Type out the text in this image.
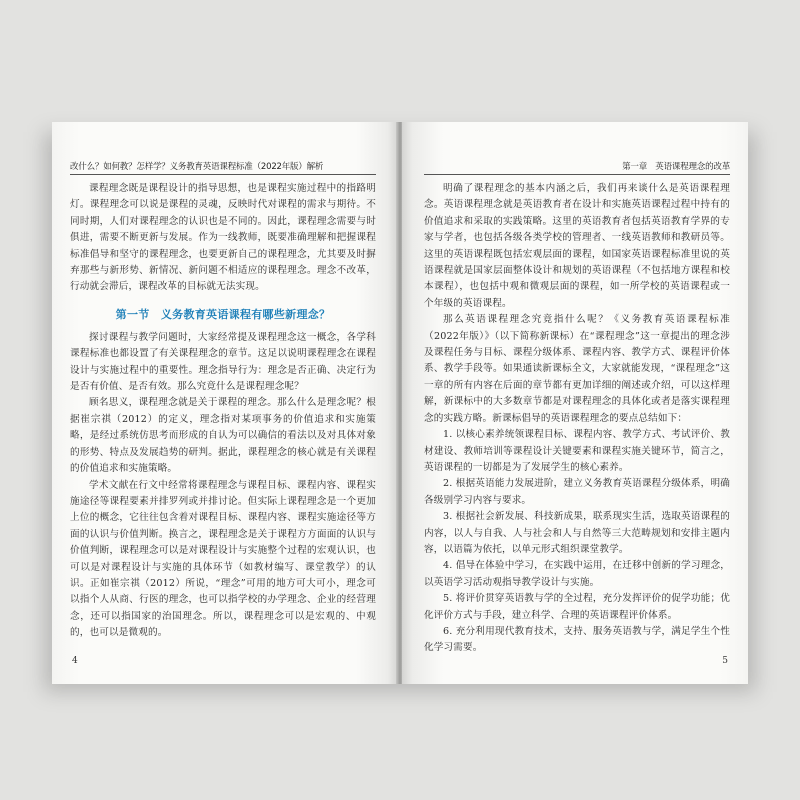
改什么？如何教？怎样学？义务教育英语课程标准（2022年版）解析

课程理念既是课程设计的指导思想，也是课程实施过程中的指路明灯。课程理念可以说是课程的灵魂，反映时代对课程的需求与期待。不同时期，人们对课程理念的认识也是不同的。因此，课程理念需要与时俱进，需要不断更新与发展。作为一线教师，既要准确理解和把握课程标准倡导和坚守的课程理念，也要更新自己的课程理念，尤其要及时摒弃那些与新形势、新情况、新问题不相适应的课程理念。理念不改革，行动就会滞后，课程改革的目标就无法实现。

第一节　义务教育英语课程有哪些新理念？

探讨课程与教学问题时，大家经常提及课程理念这一概念，各学科课程标准也都设置了有关课程理念的章节。这足以说明课程理念在课程设计与实施过程中的重要性。理念指导行为：理念是否正确、决定行为是否有价值、是否有效。那么究竟什么是课程理念呢？

顾名思义，课程理念就是关于课程的理念。那么什么是理念呢？根据崔宗祺（2012）的定义，理念指对某项事务的价值追求和实施策略，是经过系统仿思考而形成的自认为可以确信的看法以及对具体对象的形势、特点及发展趋势的研判。据此，课程理念的核心就是有关课程的价值追求和实施策略。

学术文献在行文中经常将课程理念与课程目标、课程内容、课程实施途径等课程要素并排罗列或并排讨论。但实际上课程理念是一个更加上位的概念，它往往包含着对课程目标、课程内容、课程实施途径等方面的认识与价值判断。换言之，课程理念是关于课程方方面面的认识与价值判断，课程理念可以是对课程设计与实施整个过程的宏观认识，也可以是对课程设计与实施的具体环节（如教材编写、课堂教学）的认识。正如崔宗祺（2012）所说，“理念”可用的地方可大可小，理念可以指个人从商、行医的理念，也可以指学校的办学理念、企业的经营理念，还可以指国家的治国理念。所以，课程理念可以是宏观的、中观的，也可以是微观的。

4
第一章　英语课程理念的改革

明确了课程理念的基本内涵之后，我们再来谈什么是英语课程理念。英语课程理念就是英语教育者在设计和实施英语课程过程中持有的价值追求和采取的实践策略。这里的英语教育者包括英语教育学界的专家与学者，也包括各级各类学校的管理者、一线英语教师和教研员等。这里的英语课程既包括宏观层面的课程，如国家英语课程标准里说的英语课程就是国家层面整体设计和规划的英语课程（不包括地方课程和校本课程），也包括中观和微观层面的课程，如一所学校的英语课程或一个年级的英语课程。

那么英语课程理念究竟指什么呢？《义务教育英语课程标准（2022年版）》（以下简称新课标）在“课程理念”这一章提出的理念涉及课程任务与目标、课程分级体系、课程内容、教学方式、课程评价体系、教学手段等。如果通读新课标全文，大家就能发现，“课程理念”这一章的所有内容在后面的章节都有更加详细的阐述或介绍，可以这样理解，新课标中的大多数章节都是对课程理念的具体化或者是落实课程理念的实践方略。新课标倡导的英语课程理念的要点总结如下：

1. 以核心素养统领课程目标、课程内容、教学方式、考试评价、教材建设、教师培训等课程设计关键要素和课程实施关键环节，简言之，英语课程的一切都是为了发展学生的核心素养。

2. 根据英语能力发展进阶，建立义务教育英语课程分级体系，明确各级别学习内容与要求。

3. 根据社会新发展、科技新成果，联系现实生活，选取英语课程的内容，以人与自我、人与社会和人与自然等三大范畴规划和安排主题内容，以语篇为依托，以单元形式组织课堂教学。

4. 倡导在体验中学习，在实践中运用，在迁移中创新的学习理念，以英语学习活动观指导教学设计与实施。

5. 将评价贯穿英语教与学的全过程，充分发挥评价的促学功能；优化评价方式与手段，建立科学、合理的英语课程评价体系。

6. 充分利用现代教育技术，支持、服务英语教与学，满足学生个性化学习需要。

5
